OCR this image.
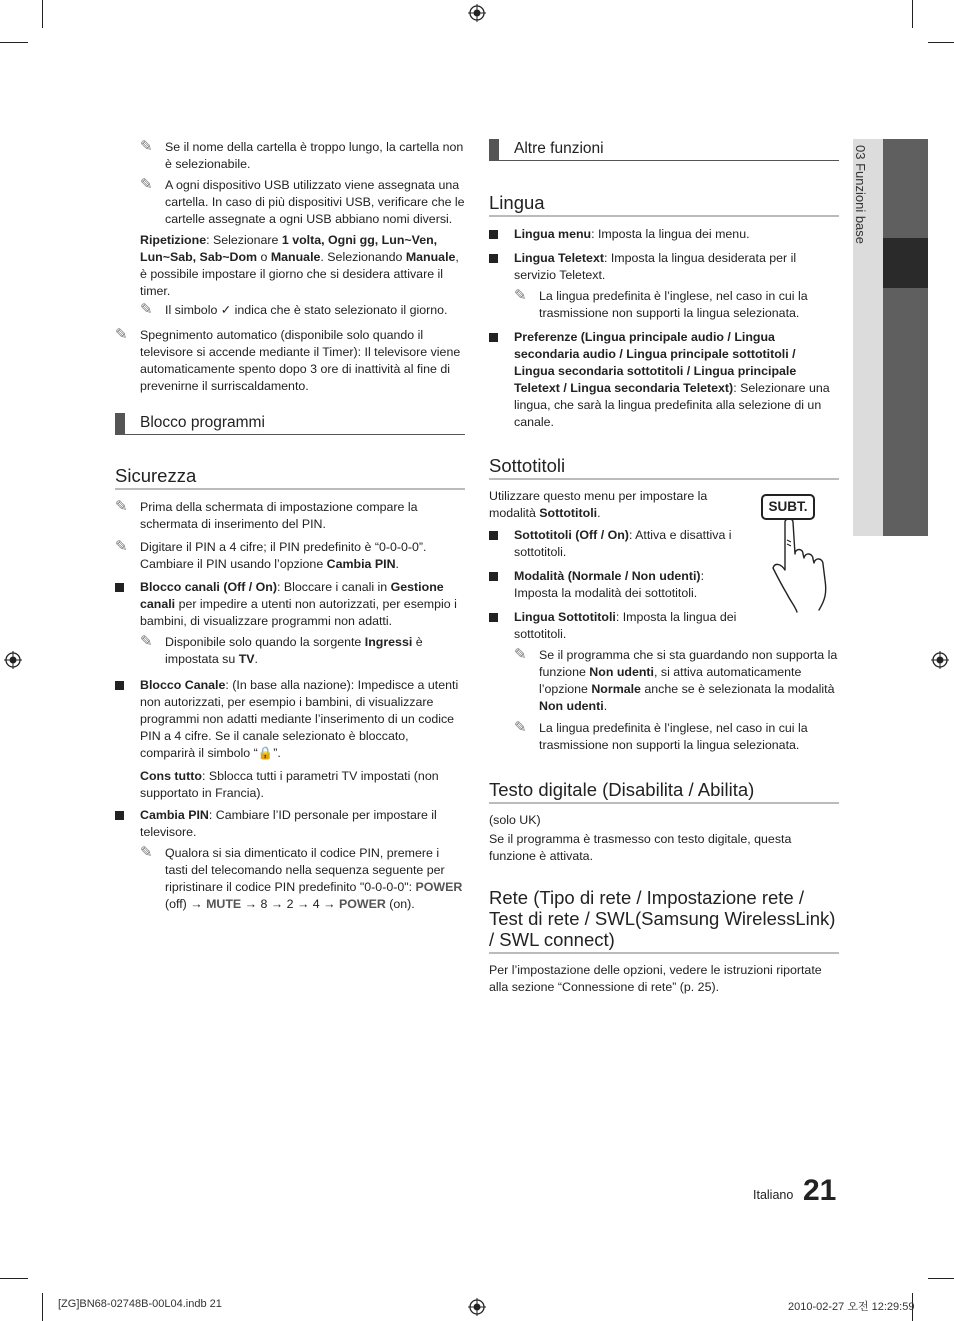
03 Funzioni base

✎ Se il nome della cartella è troppo lungo, la cartella non è selezionabile.

✎ A ogni dispositivo USB utilizzato viene assegnata una cartella. In caso di più dispositivi USB, verificare che le cartelle assegnate a ogni USB abbiano nomi diversi.

Ripetizione: Selezionare 1 volta, Ogni gg, Lun~Ven, Lun~Sab, Sab~Dom o Manuale. Selezionando Manuale, è possibile impostare il giorno che si desidera attivare il timer.

✎ Il simbolo ✓ indica che è stato selezionato il giorno.

✎ Spegnimento automatico (disponibile solo quando il televisore si accende mediante il Timer): Il televisore viene automaticamente spento dopo 3 ore di inattività al fine di prevenirne il surriscaldamento.

Blocco programmi
Sicurezza

✎ Prima della schermata di impostazione compare la schermata di inserimento del PIN.

✎ Digitare il PIN a 4 cifre; il PIN predefinito è “0-0-0-0”. Cambiare il PIN usando l’opzione Cambia PIN.

Blocco canali (Off / On): Bloccare i canali in Gestione canali per impedire a utenti non autorizzati, per esempio i bambini, di visualizzare programmi non adatti.

✎ Disponibile solo quando la sorgente Ingressi è impostata su TV.

Blocco Canale: (In base alla nazione): Impedisce a utenti non autorizzati, per esempio i bambini, di visualizzare programmi non adatti mediante l’inserimento di un codice PIN a 4 cifre. Se il canale selezionato è bloccato, comparirà il simbolo “🔒”.

Cons tutto: Sblocca tutti i parametri TV impostati (non supportato in Francia).

Cambia PIN: Cambiare l’ID personale per impostare il televisore.

✎ Qualora si sia dimenticato il codice PIN, premere i tasti del telecomando nella sequenza seguente per ripristinare il codice PIN predefinito "0-0-0-0": POWER (off) → MUTE → 8 → 2 → 4 → POWER (on).

Altre funzioni
Lingua

Lingua menu: Imposta la lingua dei menu.

Lingua Teletext: Imposta la lingua desiderata per il servizio Teletext.

✎ La lingua predefinita è l’inglese, nel caso in cui la trasmissione non supporti la lingua selezionata.

Preferenze (Lingua principale audio / Lingua secondaria audio / Lingua principale sottotitoli / Lingua secondaria sottotitoli / Lingua principale Teletext / Lingua secondaria Teletext): Selezionare una lingua, che sarà la lingua predefinita alla selezione di un canale.

Sottotitoli

Utilizzare questo menu per impostare la modalità Sottotitoli.

Sottotitoli (Off / On): Attiva e disattiva i sottotitoli.

Modalità (Normale / Non udenti): Imposta la modalità dei sottotitoli.

Lingua Sottotitoli: Imposta la lingua dei sottotitoli.

SUBT.

✎ Se il programma che si sta guardando non supporta la funzione Non udenti, si attiva automaticamente l’opzione Normale anche se è selezionata la modalità Non udenti.

✎ La lingua predefinita è l’inglese, nel caso in cui la trasmissione non supporti la lingua selezionata.

Testo digitale (Disabilita / Abilita)

(solo UK)

Se il programma è trasmesso con testo digitale, questa funzione è attivata.

Rete (Tipo di rete / Impostazione rete / Test di rete / SWL(Samsung WirelessLink) / SWL connect)

Per l’impostazione delle opzioni, vedere le istruzioni riportate alla sezione “Connessione di rete” (p. 25).

Italiano 21
[ZG]BN68-02748B-00L04.indb 21	2010-02-27 오전 12:29:59
